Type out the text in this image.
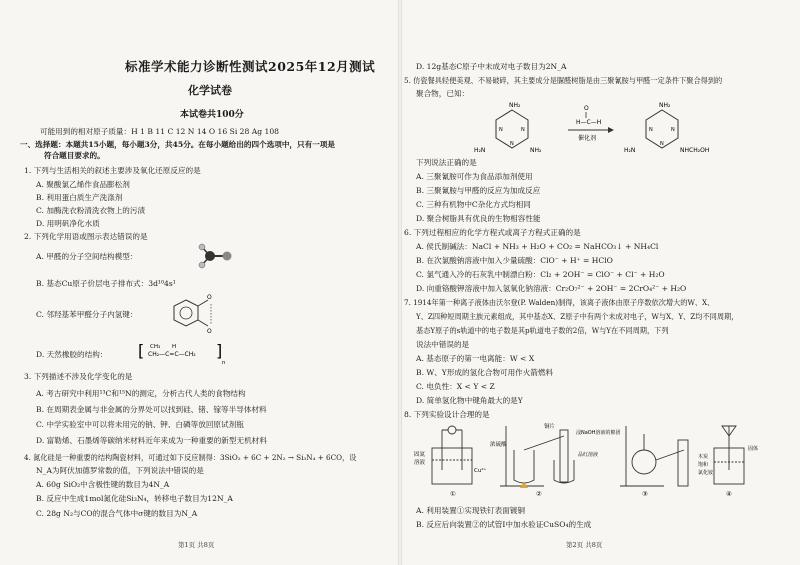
标准学术能力诊断性测试2025年12月测试
化学试卷
本试卷共100分
可能用到的相对原子质量：H 1 B 11 C 12 N 14 O 16 Si 28 Ag 108
一、选择题：本题共15小题，每小题3分，共45分。在每小题给出的四个选项中，只有一项是
符合题目要求的。
1. 下列与生活相关的叙述主要涉及氧化还原反应的是
A. 聚酸氯乙烯作食品膨松剂
B. 利用蛋白质生产洗涤剂
C. 加酶洗衣粉清洗衣物上的污渍
D. 用明矾净化水质
2. 下列化学用语或图示表达错误的是
A. 甲醛的分子空间结构模型：
B. 基态Cu原子价层电子排布式：3d¹⁰4s¹
C. 邻羟基苯甲醛分子内氢键：
O
O
D. 天然橡胶的结构： [ CH₃ H
CH₂—C=C—CH₂ ]
n
3. 下列描述不涉及化学变化的是
A. 考古研究中利用¹³C和¹⁵N的测定，分析古代人类的食物结构
B. 在周期表金属与非金属的分界处可以找到硅、锗、镓等半导体材料
C. 中学实验室中可以将未用完的钠、钾、白磷等放回原试剂瓶
D. 富勒烯、石墨烯等碳纳米材料近年来成为一种重要的新型无机材料
4. 氮化硅是一种重要的结构陶瓷材料，可通过如下反应制得：3SiO₂ + 6C + 2N₂ → Si₃N₄ + 6CO，设
N_A为阿伏加德罗常数的值，下列说法中错误的是
A. 60g SiO₂中含极性键的数目为4N_A
B. 反应中生成1mol氮化硅Si₃N₄，转移电子数目为12N_A
C. 28g N₂与CO的混合气体中σ键的数目为N_A
第1页 共8页
D. 12g基态C原子中未成对电子数目为2N_A
5. 仿瓷餐具轻便美观、不易破碎，其主要成分是脲醛树脂是由三聚氰胺与甲醛一定条件下聚合得到的
聚合物，已知：
NH₂
H₂N	NH₂
N	N
N
O
H—C—H
催化剂
NH₂
H₂N	NHCH₂OH
N	N
N
下列说法正确的是
A. 三聚氰胺可作为食品添加剂使用
B. 三聚氰胺与甲醛的反应为加成反应
C. 三种有机物中C杂化方式均相同
D. 聚合树脂具有优良的生物相容性能
6. 下列过程相应的化学方程式或离子方程式正确的是
A. 侯氏制碱法：NaCl + NH₃ + H₂O + CO₂ = NaHCO₃↓ + NH₄Cl
B. 在次氯酸钠溶液中加入少量硫酸：ClO⁻ + H⁺ = HClO
C. 氯气通入冷的石灰乳中制漂白粉：Cl₂ + 2OH⁻ = ClO⁻ + Cl⁻ + H₂O
D. 向重铬酸钾溶液中加入氢氧化钠溶液：Cr₂O₇²⁻ + 2OH⁻ = 2CrO₄²⁻ + H₂O
7. 1914年第一种离子液体由沃尔登(P. Walden)制得，该离子液体由原子序数依次增大的W、X、
Y、Z四种短周期主族元素组成，其中基态X、Z原子中有两个未成对电子，W与X、Y、Z均不同周期，
基态Y原子的s轨道中的电子数是其p轨道电子数的2倍，W与Y在不同周期，下列
说法中错误的是
A. 基态原子的第一电离能：W < X
B. W、Y形成的氢化合物可用作火箭燃料
C. 电负性：X < Y < Z
D. 简单氢化物中键角最大的是Y
8. 下列实验设计合理的是
固氮
溶液
Cu²⁺
①
浓硫酸
铜片
浸NaOH溶液的棉团
品红溶液
②	③
木炭
饱和
氯化铵
固体
④
A. 利用装置①实现铁钉表面镀铜
B. 反应后向装置②的试管I中加水验证CuSO₄的生成
第2页 共8页
